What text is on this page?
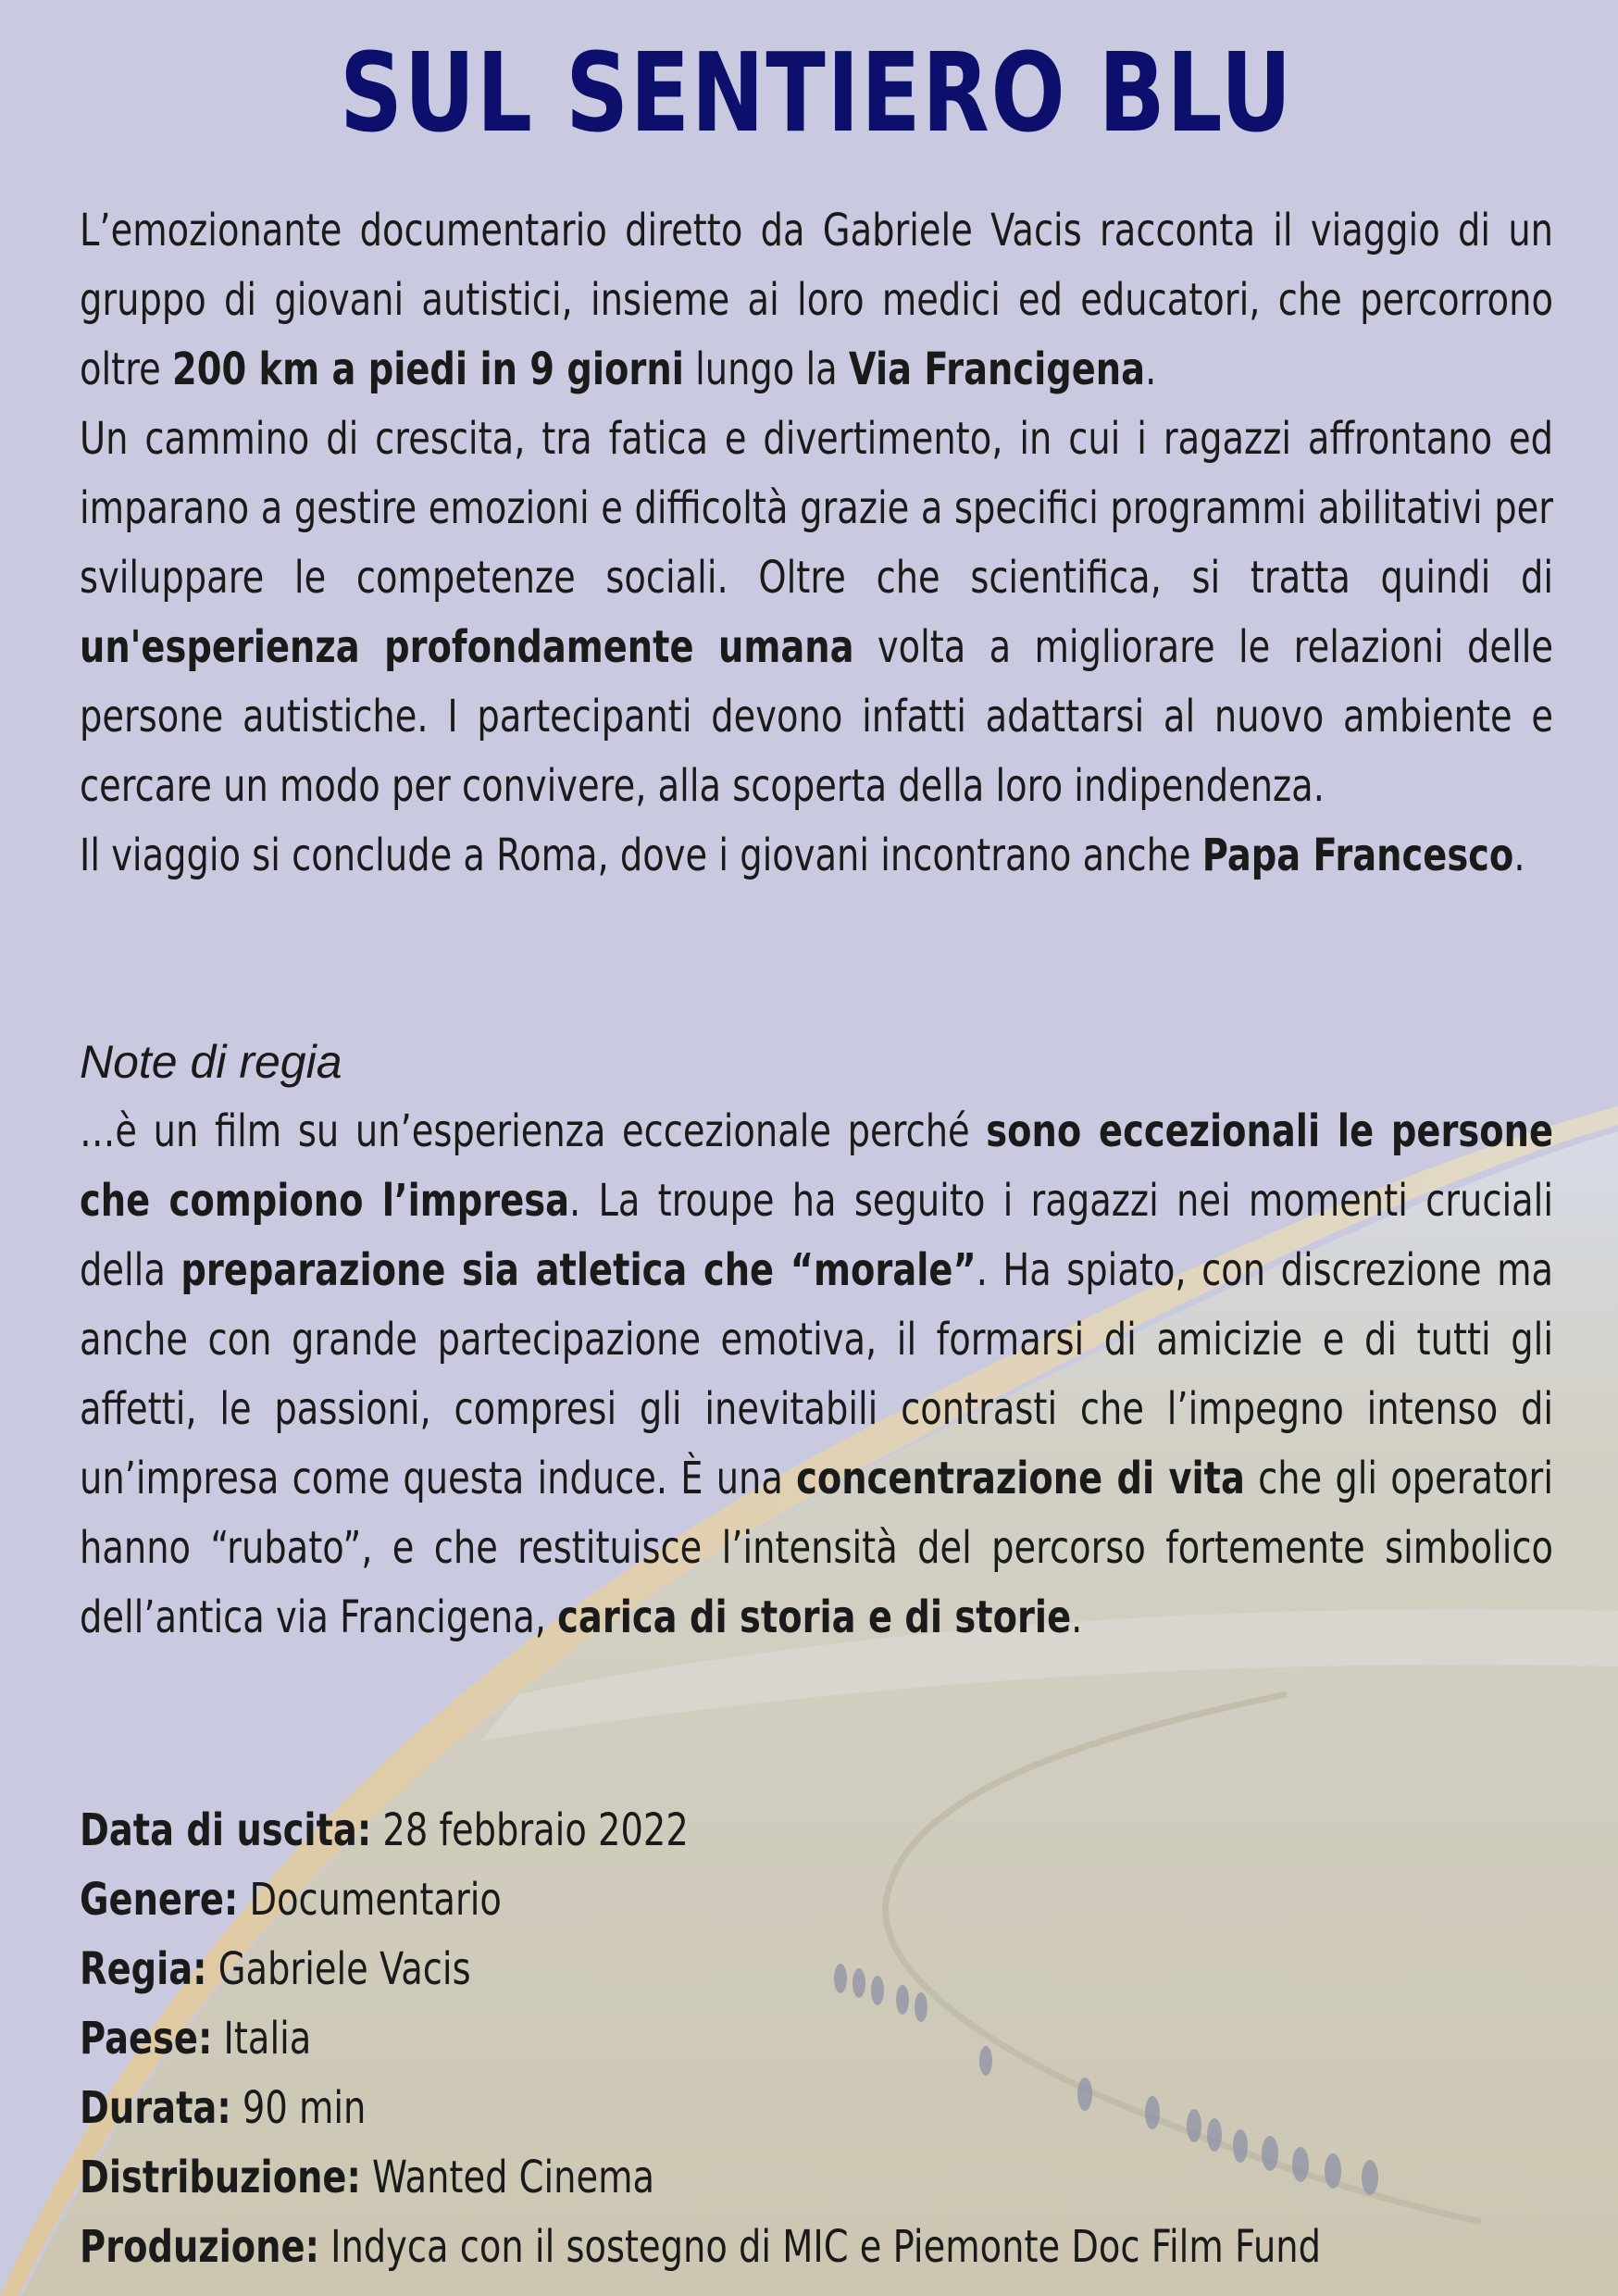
SUL SENTIERO BLU

L’emozionante documentario diretto da Gabriele Vacis racconta il viaggio di un gruppo di giovani autistici, insieme ai loro medici ed educatori, che percorrono oltre 200 km a piedi in 9 giorni lungo la Via Francigena.

Un cammino di crescita, tra fatica e divertimento, in cui i ragazzi affrontano ed imparano a gestire emozioni e difficoltà grazie a specifici programmi abilitativi per sviluppare le competenze sociali. Oltre che scientifica, si tratta quindi di un'esperienza profondamente umana volta a migliorare le relazioni delle persone autistiche. I partecipanti devono infatti adattarsi al nuovo ambiente e cercare un modo per convivere, alla scoperta della loro indipendenza.

Il viaggio si conclude a Roma, dove i giovani incontrano anche Papa Francesco.

Note di regia

…è un film su un’esperienza eccezionale perché sono eccezionali le persone che compiono l’impresa. La troupe ha seguito i ragazzi nei momenti cruciali della preparazione sia atletica che “morale”. Ha spiato, con discrezione ma anche con grande partecipazione emotiva, il formarsi di amicizie e di tutti gli affetti, le passioni, compresi gli inevitabili contrasti che l’impegno intenso di un’impresa come questa induce. È una concentrazione di vita che gli operatori hanno “rubato”, e che restituisce l’intensità del percorso fortemente simbolico dell’antica via Francigena, carica di storia e di storie.

Data di uscita: 28 febbraio 2022

Genere: Documentario

Regia: Gabriele Vacis

Paese: Italia

Durata: 90 min

Distribuzione: Wanted Cinema

Produzione: Indyca con il sostegno di MIC e Piemonte Doc Film Fund
